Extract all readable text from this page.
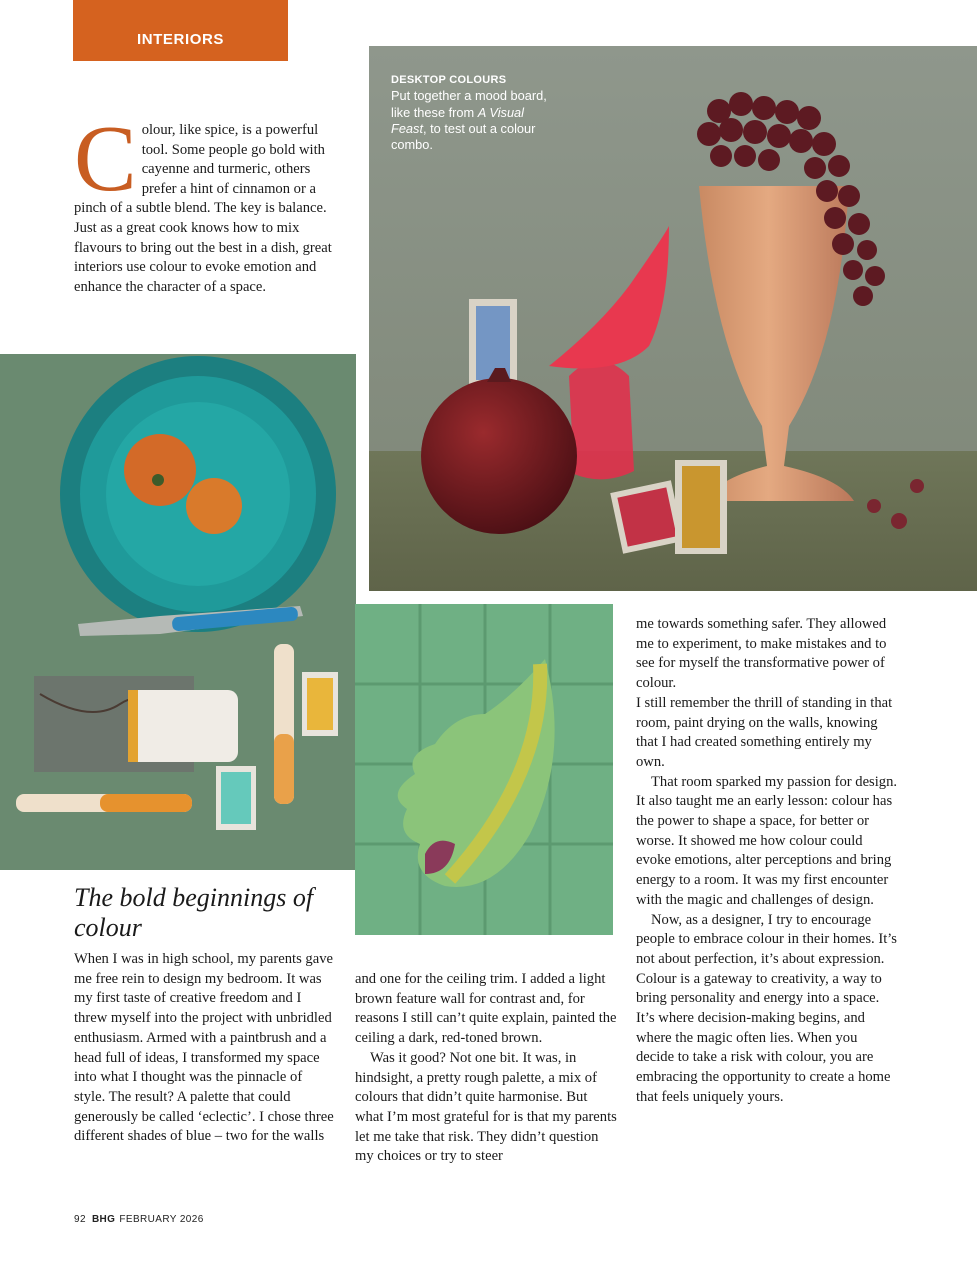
INTERIORS
Colour, like spice, is a powerful tool. Some people go bold with cayenne and turmeric, others prefer a hint of cinnamon or a pinch of a subtle blend. The key is balance. Just as a great cook knows how to mix flavours to bring out the best in a dish, great interiors use colour to evoke emotion and enhance the character of a space.
DESKTOP COLOURS
Put together a mood board, like these from A Visual Feast, to test out a colour combo.
The bold beginnings of colour

When I was in high school, my parents gave me free rein to design my bedroom. It was my first taste of creative freedom and I threw myself into the project with unbridled enthusiasm. Armed with a paintbrush and a head full of ideas, I transformed my space into what I thought was the pinnacle of style. The result? A palette that could generously be called ‘eclectic’. I chose three different shades of blue – two for the walls

and one for the ceiling trim. I added a light brown feature wall for contrast and, for reasons I still can’t quite explain, painted the ceiling a dark, red-toned brown.

Was it good? Not one bit. It was, in hindsight, a pretty rough palette, a mix of colours that didn’t quite harmonise. But what I’m most grateful for is that my parents let me take that risk. They didn’t question my choices or try to steer

me towards something safer. They allowed me to experiment, to make mistakes and to see for myself the transformative power of colour.

I still remember the thrill of standing in that room, paint drying on the walls, knowing that I had created something entirely my own.

That room sparked my passion for design. It also taught me an early lesson: colour has the power to shape a space, for better or worse. It showed me how colour could evoke emotions, alter perceptions and bring energy to a room. It was my first encounter with the magic and challenges of design.

Now, as a designer, I try to encourage people to embrace colour in their homes. It’s not about perfection, it’s about expression. Colour is a gateway to creativity, a way to bring personality and energy into a space. It’s where decision-making begins, and where the magic often lies. When you decide to take a risk with colour, you are embracing the opportunity to create a home that feels uniquely yours.

92 BHG FEBRUARY 2026
